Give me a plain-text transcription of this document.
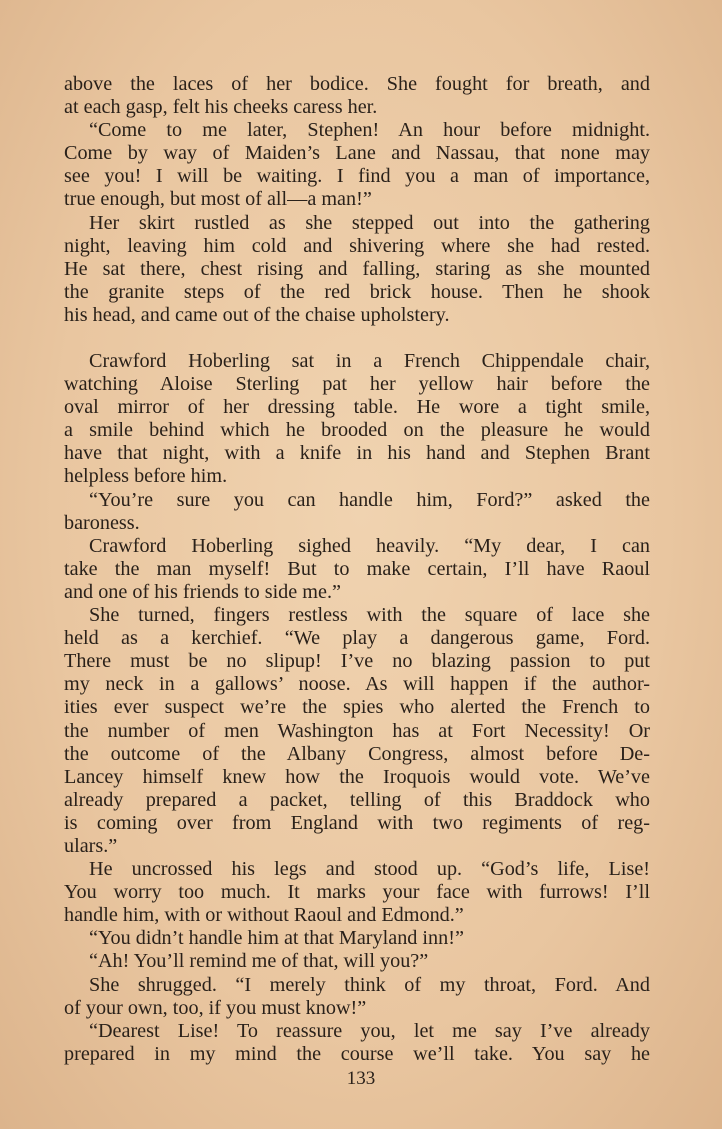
above the laces of her bodice. She fought for breath, and
at each gasp, felt his cheeks caress her.
“Come to me later, Stephen! An hour before midnight.
Come by way of Maiden’s Lane and Nassau, that none may
see you! I will be waiting. I find you a man of importance,
true enough, but most of all—a man!”
Her skirt rustled as she stepped out into the gathering
night, leaving him cold and shivering where she had rested.
He sat there, chest rising and falling, staring as she mounted
the granite steps of the red brick house. Then he shook
his head, and came out of the chaise upholstery.
Crawford Hoberling sat in a French Chippendale chair,
watching Aloise Sterling pat her yellow hair before the
oval mirror of her dressing table. He wore a tight smile,
a smile behind which he brooded on the pleasure he would
have that night, with a knife in his hand and Stephen Brant
helpless before him.
“You’re sure you can handle him, Ford?” asked the
baroness.
Crawford Hoberling sighed heavily. “My dear, I can
take the man myself! But to make certain, I’ll have Raoul
and one of his friends to side me.”
She turned, fingers restless with the square of lace she
held as a kerchief. “We play a dangerous game, Ford.
There must be no slipup! I’ve no blazing passion to put
my neck in a gallows’ noose. As will happen if the author-
ities ever suspect we’re the spies who alerted the French to
the number of men Washington has at Fort Necessity! Or
the outcome of the Albany Congress, almost before De-
Lancey himself knew how the Iroquois would vote. We’ve
already prepared a packet, telling of this Braddock who
is coming over from England with two regiments of reg-
ulars.”
He uncrossed his legs and stood up. “God’s life, Lise!
You worry too much. It marks your face with furrows! I’ll
handle him, with or without Raoul and Edmond.”
“You didn’t handle him at that Maryland inn!”
“Ah! You’ll remind me of that, will you?”
She shrugged. “I merely think of my throat, Ford. And
of your own, too, if you must know!”
“Dearest Lise! To reassure you, let me say I’ve already
prepared in my mind the course we’ll take. You say he
133
